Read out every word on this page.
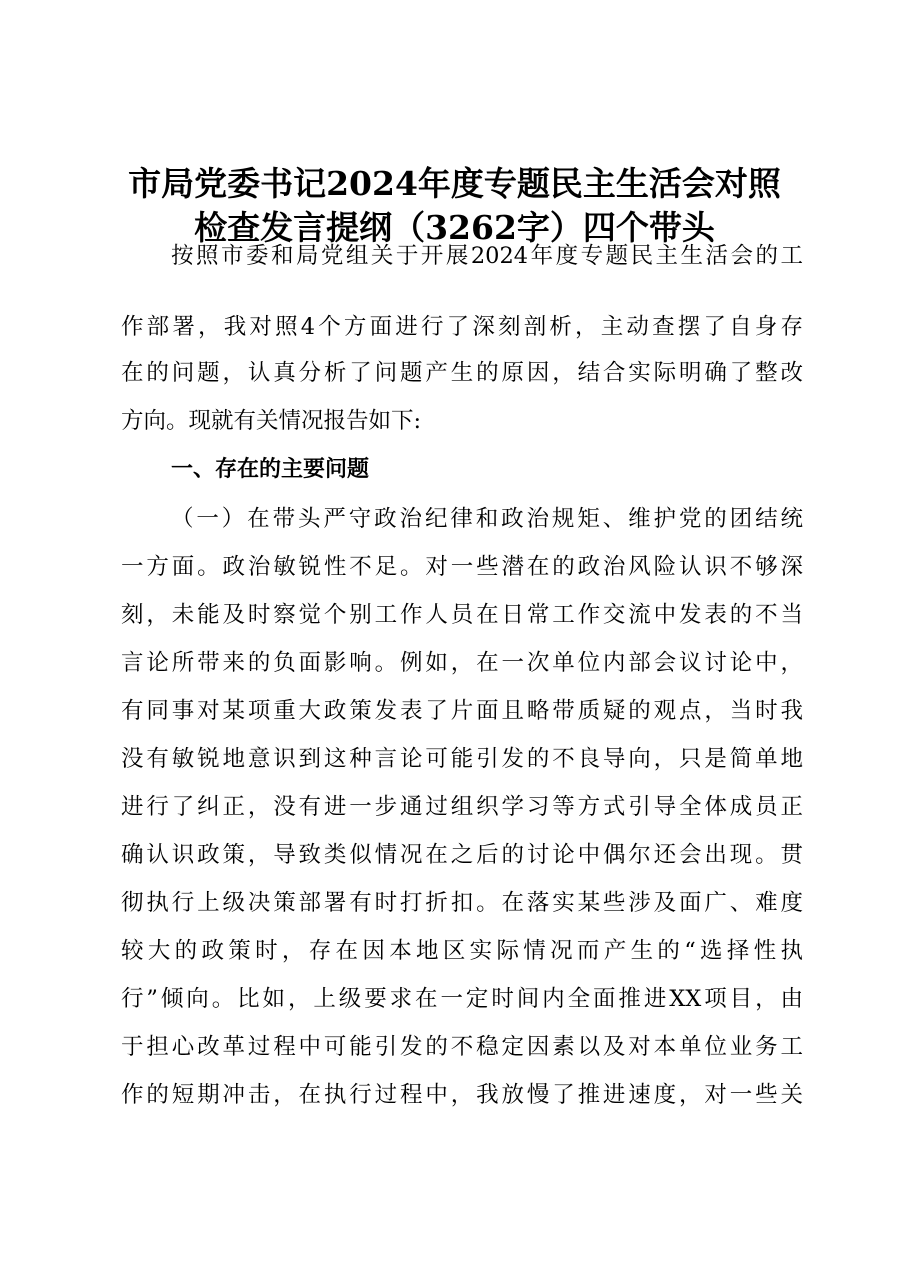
市局党委书记2024年度专题民主生活会对照
检查发言提纲（3262字）四个带头

按照市委和局党组关于开展2024年度专题民主生活会的工

作部署，我对照4个方面进行了深刻剖析，主动查摆了自身存

在的问题，认真分析了问题产生的原因，结合实际明确了整改

方向。现就有关情况报告如下:

一、存在的主要问题

（一）在带头严守政治纪律和政治规矩、维护党的团结统

一方面。政治敏锐性不足。对一些潜在的政治风险认识不够深

刻，未能及时察觉个别工作人员在日常工作交流中发表的不当

言论所带来的负面影响。例如，在一次单位内部会议讨论中，

有同事对某项重大政策发表了片面且略带质疑的观点，当时我

没有敏锐地意识到这种言论可能引发的不良导向，只是简单地

进行了纠正，没有进一步通过组织学习等方式引导全体成员正

确认识政策，导致类似情况在之后的讨论中偶尔还会出现。贯

彻执行上级决策部署有时打折扣。在落实某些涉及面广、难度

较大的政策时，存在因本地区实际情况而产生的“选择性执

行”倾向。比如，上级要求在一定时间内全面推进XX项目，由

于担心改革过程中可能引发的不稳定因素以及对本单位业务工

作的短期冲击，在执行过程中，我放慢了推进速度，对一些关
